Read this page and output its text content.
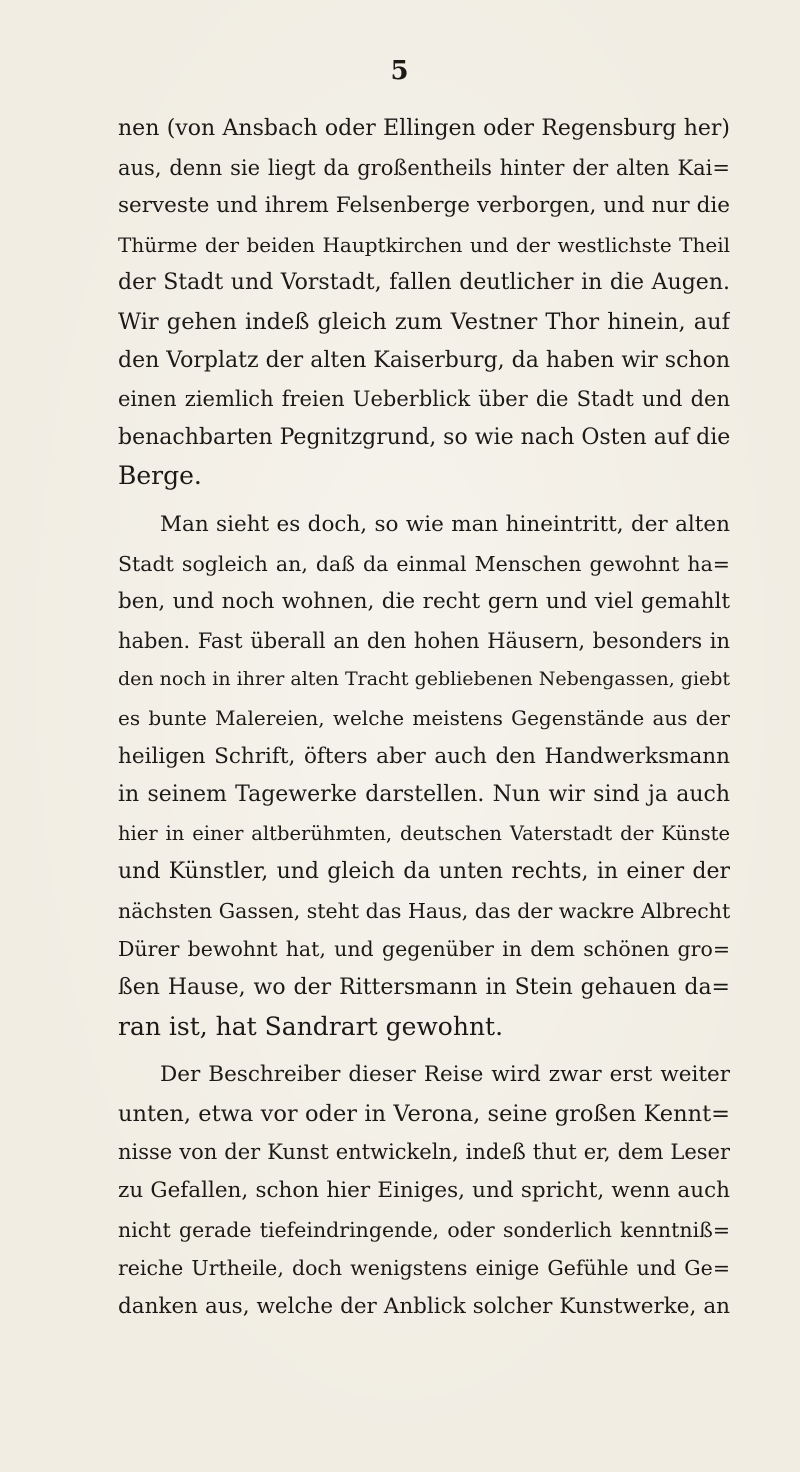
5
nen (von Ansbach oder Ellingen oder Regensburg her)
aus, denn sie liegt da großentheils hinter der alten Kai=
serveste und ihrem Felsenberge verborgen, und nur die
Thürme der beiden Hauptkirchen und der westlichste Theil
der Stadt und Vorstadt, fallen deutlicher in die Augen.
Wir gehen indeß gleich zum Vestner Thor hinein, auf
den Vorplatz der alten Kaiserburg, da haben wir schon
einen ziemlich freien Ueberblick über die Stadt und den
benachbarten Pegnitzgrund, so wie nach Osten auf die
Berge.
Man sieht es doch, so wie man hineintritt, der alten
Stadt sogleich an, daß da einmal Menschen gewohnt ha=
ben, und noch wohnen, die recht gern und viel gemahlt
haben. Fast überall an den hohen Häusern, besonders in
den noch in ihrer alten Tracht gebliebenen Nebengassen, giebt
es bunte Malereien, welche meistens Gegenstände aus der
heiligen Schrift, öfters aber auch den Handwerksmann
in seinem Tagewerke darstellen. Nun wir sind ja auch
hier in einer altberühmten, deutschen Vaterstadt der Künste
und Künstler, und gleich da unten rechts, in einer der
nächsten Gassen, steht das Haus, das der wackre Albrecht
Dürer bewohnt hat, und gegenüber in dem schönen gro=
ßen Hause, wo der Rittersmann in Stein gehauen da=
ran ist, hat Sandrart gewohnt.
Der Beschreiber dieser Reise wird zwar erst weiter
unten, etwa vor oder in Verona, seine großen Kennt=
nisse von der Kunst entwickeln, indeß thut er, dem Leser
zu Gefallen, schon hier Einiges, und spricht, wenn auch
nicht gerade tiefeindringende, oder sonderlich kenntniß=
reiche Urtheile, doch wenigstens einige Gefühle und Ge=
danken aus, welche der Anblick solcher Kunstwerke, an
